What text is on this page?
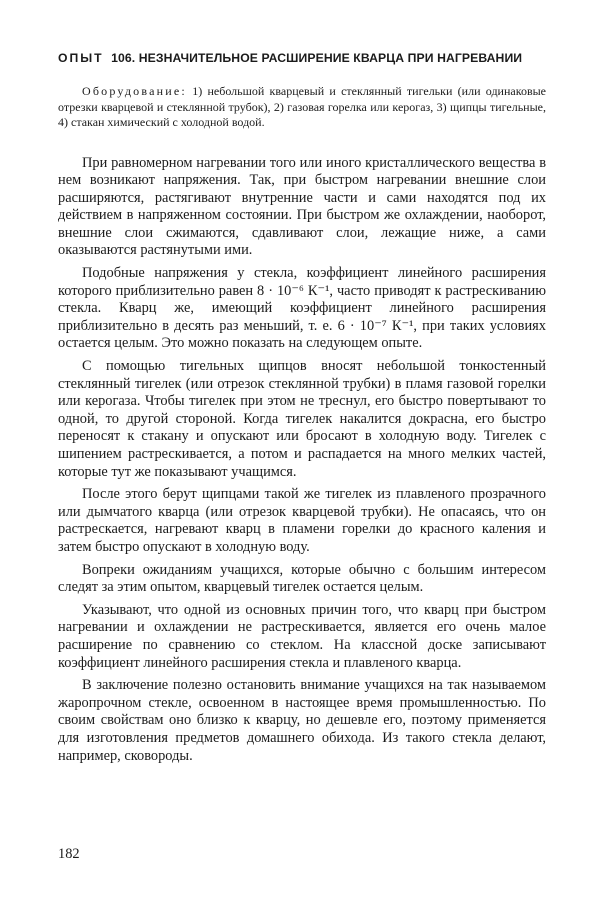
ОПЫТ 106. НЕЗНАЧИТЕЛЬНОЕ РАСШИРЕНИЕ КВАРЦА ПРИ НАГРЕВАНИИ

Оборудование: 1) небольшой кварцевый и стеклянный тигельки (или одинаковые отрезки кварцевой и стеклянной трубок), 2) газовая горелка или керогаз, 3) щипцы тигельные, 4) стакан химический с холодной водой.

При равномерном нагревании того или иного кристаллического вещества в нем возникают напряжения. Так, при быстром нагревании внешние слои расширяются, растягивают внутренние части и сами находятся под их действием в напряженном состоянии. При быстром же охлаждении, наоборот, внешние слои сжимаются, сдавливают слои, лежащие ниже, а сами оказываются растянутыми ими.

Подобные напряжения у стекла, коэффициент линейного расширения которого приблизительно равен 8 · 10⁻⁶ К⁻¹, часто приводят к растрескиванию стекла. Кварц же, имеющий коэффициент линейного расширения приблизительно в десять раз меньший, т. е. 6 · 10⁻⁷ К⁻¹, при таких условиях остается целым. Это можно показать на следующем опыте.

С помощью тигельных щипцов вносят небольшой тонкостенный стеклянный тигелек (или отрезок стеклянной трубки) в пламя газовой горелки или керогаза. Чтобы тигелек при этом не треснул, его быстро повертывают то одной, то другой стороной. Когда тигелек накалится докрасна, его быстро переносят к стакану и опускают или бросают в холодную воду. Тигелек с шипением растрескивается, а потом и распадается на много мелких частей, которые тут же показывают учащимся.

После этого берут щипцами такой же тигелек из плавленого прозрачного или дымчатого кварца (или отрезок кварцевой трубки). Не опасаясь, что он растрескается, нагревают кварц в пламени горелки до красного каления и затем быстро опускают в холодную воду.

Вопреки ожиданиям учащихся, которые обычно с большим интересом следят за этим опытом, кварцевый тигелек остается целым.

Указывают, что одной из основных причин того, что кварц при быстром нагревании и охлаждении не растрескивается, является его очень малое расширение по сравнению со стеклом. На классной доске записывают коэффициент линейного расширения стекла и плавленого кварца.

В заключение полезно остановить внимание учащихся на так называемом жаропрочном стекле, освоенном в настоящее время промышленностью. По своим свойствам оно близко к кварцу, но дешевле его, поэтому применяется для изготовления предметов домашнего обихода. Из такого стекла делают, например, сковороды.

182
